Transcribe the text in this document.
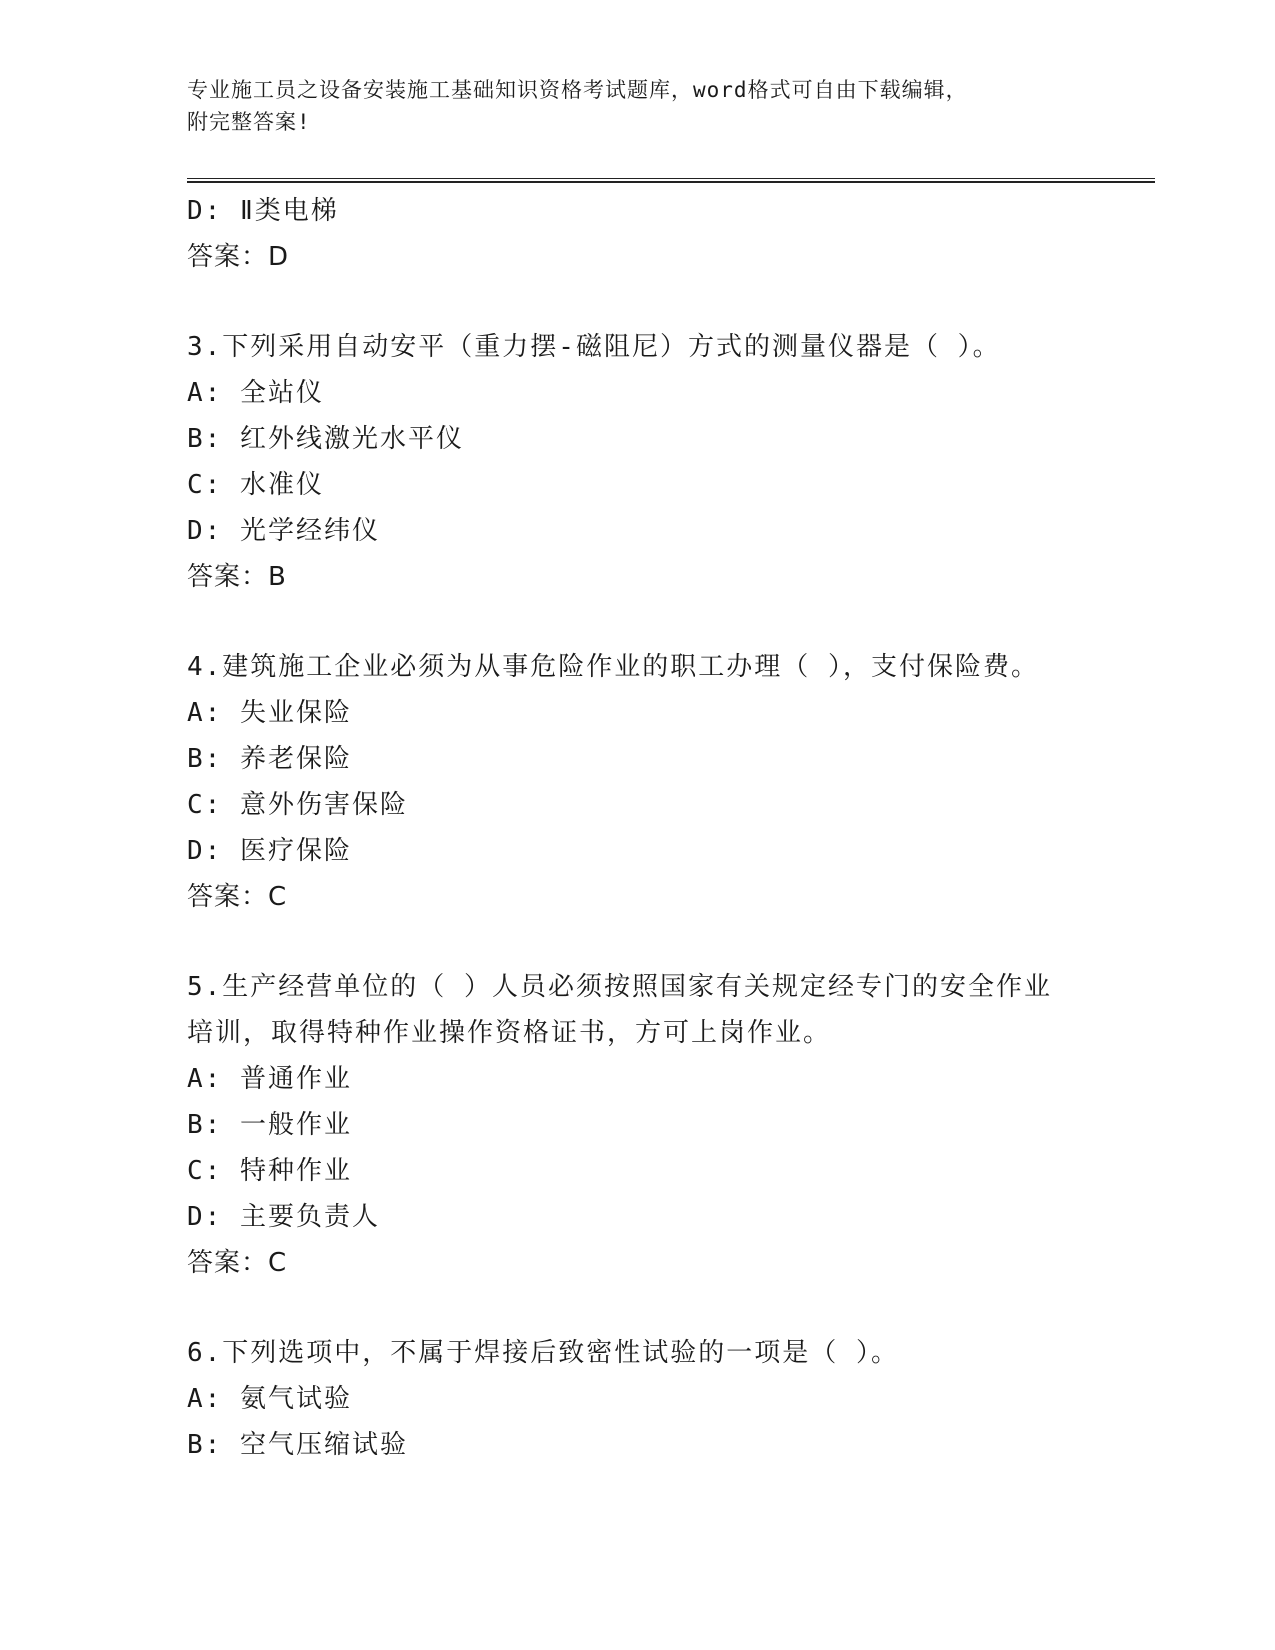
专业施工员之设备安装施工基础知识资格考试题库，word格式可自由下载编辑，
附完整答案!
D: Ⅱ类电梯
答案：D
3.下列采用自动安平（重力摆-磁阻尼）方式的测量仪器是（ ）。
A: 全站仪
B: 红外线激光水平仪
C: 水准仪
D: 光学经纬仪
答案：B
4.建筑施工企业必须为从事危险作业的职工办理（ ），支付保险费。
A: 失业保险
B: 养老保险
C: 意外伤害保险
D: 医疗保险
答案：C
5.生产经营单位的（ ）人员必须按照国家有关规定经专门的安全作业
培训，取得特种作业操作资格证书，方可上岗作业。
A: 普通作业
B: 一般作业
C: 特种作业
D: 主要负责人
答案：C
6.下列选项中，不属于焊接后致密性试验的一项是（ ）。
A: 氨气试验
B: 空气压缩试验
